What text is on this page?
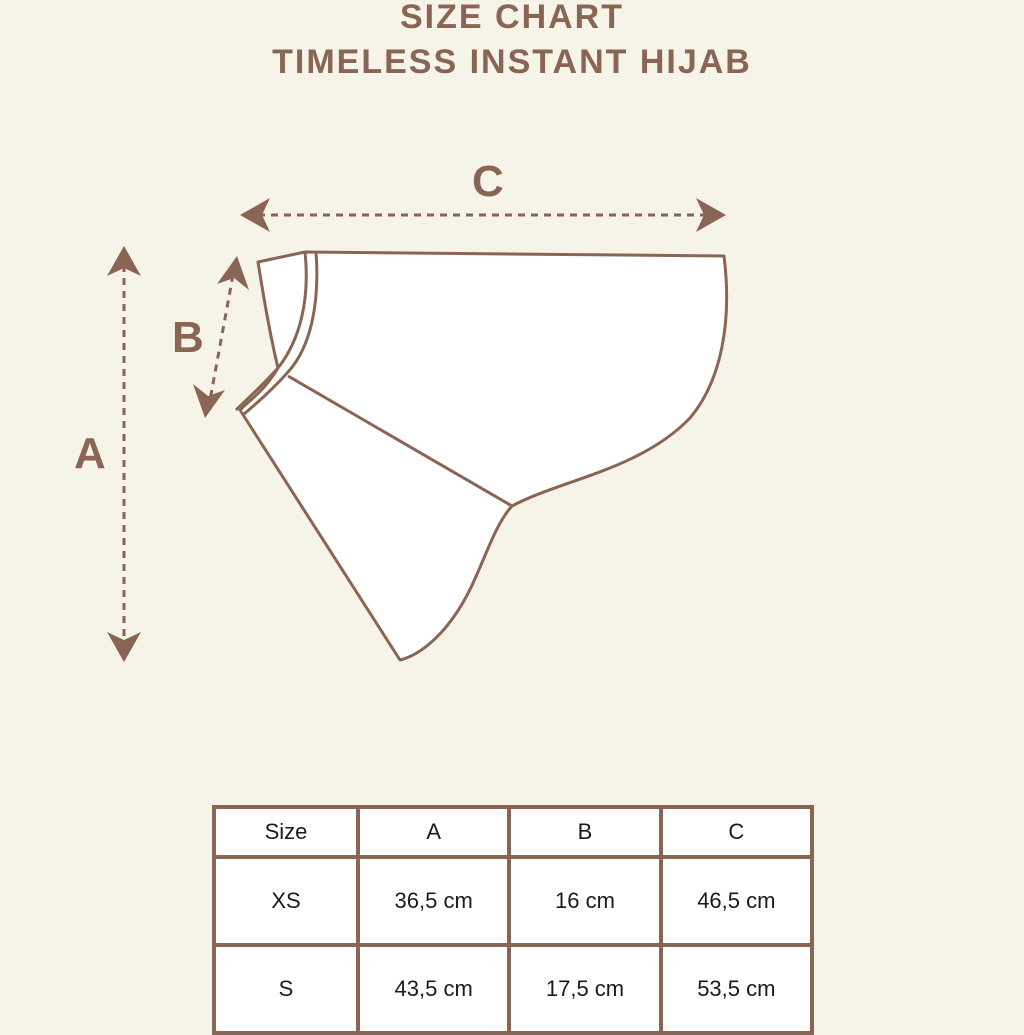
SIZE CHART
TIMELESS INSTANT HIJAB
C
B
A
Size	A	B	C
XS	36,5 cm	16 cm	46,5 cm
S	43,5 cm	17,5 cm	53,5 cm
